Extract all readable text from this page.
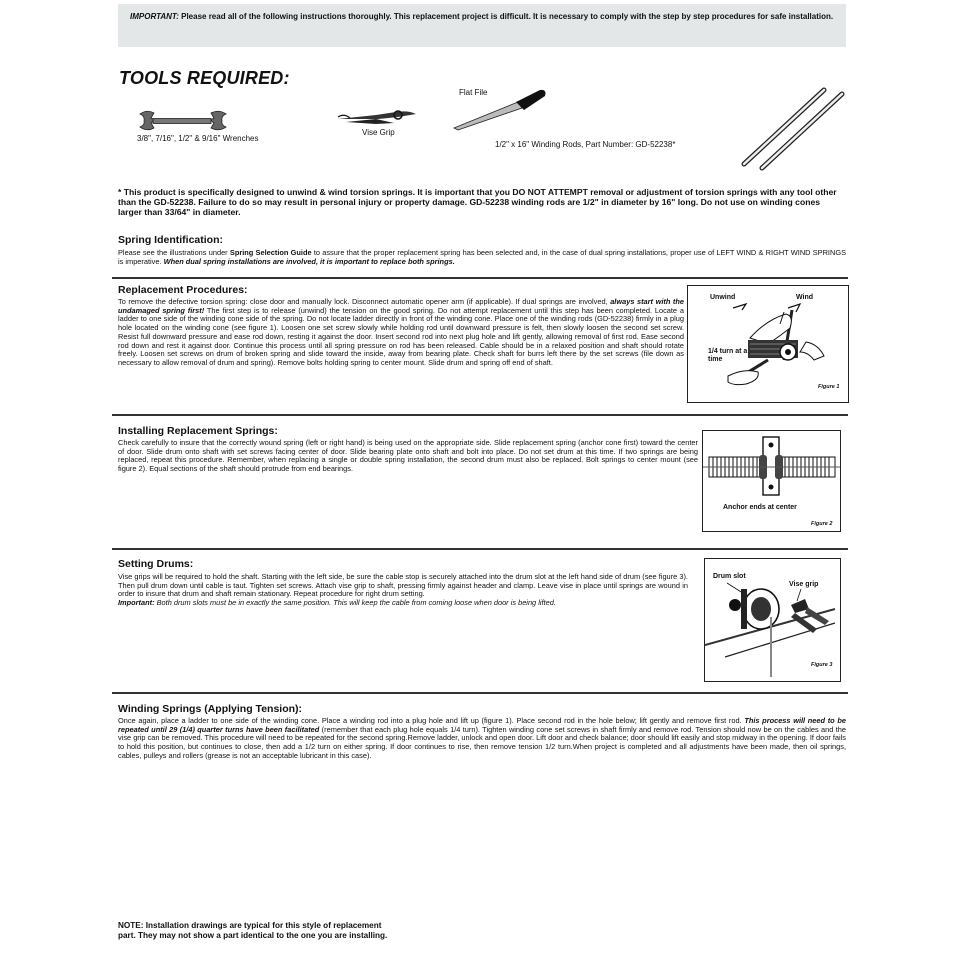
IMPORTANT: Please read all of the following instructions thoroughly. This replacement project is difficult. It is necessary to comply with the step by step procedures for safe installation.
TOOLS REQUIRED:
3/8", 7/16", 1/2" & 9/16" Wrenches
Vise Grip
Flat File
1/2" x 16" Winding Rods, Part Number: GD-52238*
* This product is specifically designed to unwind & wind torsion springs. It is important that you DO NOT ATTEMPT removal or adjustment of torsion springs with any tool other than the GD-52238. Failure to do so may result in personal injury or property damage. GD-52238 winding rods are 1/2" in diameter by 16" long. Do not use on winding cones larger than 33/64" in diameter.
Spring Identification:
Please see the illustrations under Spring Selection Guide to assure that the proper replacement spring has been selected and, in the case of dual spring installations, proper use of LEFT WIND & RIGHT WIND SPRINGS is imperative. When dual spring installations are involved, it is important to replace both springs.
Replacement Procedures:
To remove the defective torsion spring: close door and manually lock. Disconnect automatic opener arm (if applicable). If dual springs are involved, always start with the undamaged spring first! The first step is to release (unwind) the tension on the good spring. Do not attempt replacement until this step has been completed. Locate a ladder to one side of the winding cone side of the spring. Do not locate ladder directly in front of the winding cone. Place one of the winding rods (GD-52238) firmly in a plug hole located on the winding cone (see figure 1). Loosen one set screw slowly while holding rod until downward pressure is felt, then slowly loosen the second set screw. Resist full downward pressure and ease rod down, resting it against the door. Insert second rod into next plug hole and lift gently, allowing removal of first rod. Ease second rod down and rest it against door. Continue this process until all spring pressure on rod has been released. Cable should be in a relaxed position and shaft should rotate freely. Loosen set screws on drum of broken spring and slide toward the inside, away from bearing plate. Check shaft for burrs left there by the set screws (file down as necessary to allow removal of drum and spring). Remove bolts holding spring to center mount. Slide drum and spring off end of shaft.
Unwind	Wind
1/4 turn at a time
Figure 1
Installing Replacement Springs:
Check carefully to insure that the correctly wound spring (left or right hand) is being used on the appropriate side. Slide replacement spring (anchor cone first) toward the center of door. Slide drum onto shaft with set screws facing center of door. Slide bearing plate onto shaft and bolt into place. Do not set drum at this time. If two springs are being replaced, repeat this procedure. Remember, when replacing a single or double spring installation, the second drum must also be replaced. Bolt springs to center mount (see figure 2). Equal sections of the shaft should protrude from end bearings.
Anchor ends at center
Figure 2
Setting Drums:
Vise grips will be required to hold the shaft. Starting with the left side, be sure the cable stop is securely attached into the drum slot at the left hand side of drum (see figure 3). Then pull drum down until cable is taut. Tighten set screws. Attach vise grip to shaft, pressing firmly against header and clamp. Leave vise in place until springs are wound in order to insure that drum and shaft remain stationary. Repeat procedure for right drum setting.
Important: Both drum slots must be in exactly the same position. This will keep the cable from coming loose when door is being lifted.
Drum slot
Vise grip
Figure 3
Winding Springs (Applying Tension):
Once again, place a ladder to one side of the winding cone. Place a winding rod into a plug hole and lift up (figure 1). Place second rod in the hole below; lift gently and remove first rod. This process will need to be repeated until 29 (1/4) quarter turns have been facilitated (remember that each plug hole equals 1/4 turn). Tighten winding cone set screws in shaft firmly and remove rod. Tension should now be on the cables and the vise grip can be removed. This procedure will need to be repeated for the second spring.Remove ladder, unlock and open door. Lift door and check balance; door should lift easily and stop midway in the opening. If door fails to hold this position, but continues to close, then add a 1/2 turn on either spring. If door continues to rise, then remove tension 1/2 turn.When project is completed and all adjustments have been made, then oil springs, cables, pulleys and rollers (grease is not an acceptable lubricant in this case).
NOTE: Installation drawings are typical for this style of replacement part. They may not show a part identical to the one you are installing.
